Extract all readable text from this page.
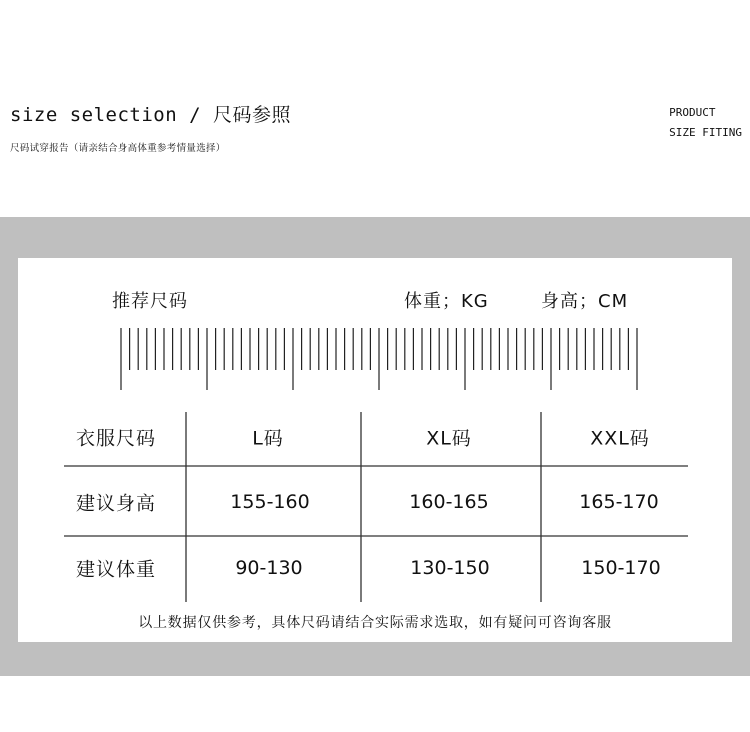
size selection / 尺码参照
尺码试穿报告（请亲结合身高体重参考情量选择）
PRODUCT
SIZE FITING
推荐尺码	体重；KG	身高；CM
衣服尺码	L码	XL码	XXL码
建议身高	155-160	160-165	165-170
建议体重	90-130	130-150	150-170
以上数据仅供参考，具体尺码请结合实际需求选取，如有疑问可咨询客服
